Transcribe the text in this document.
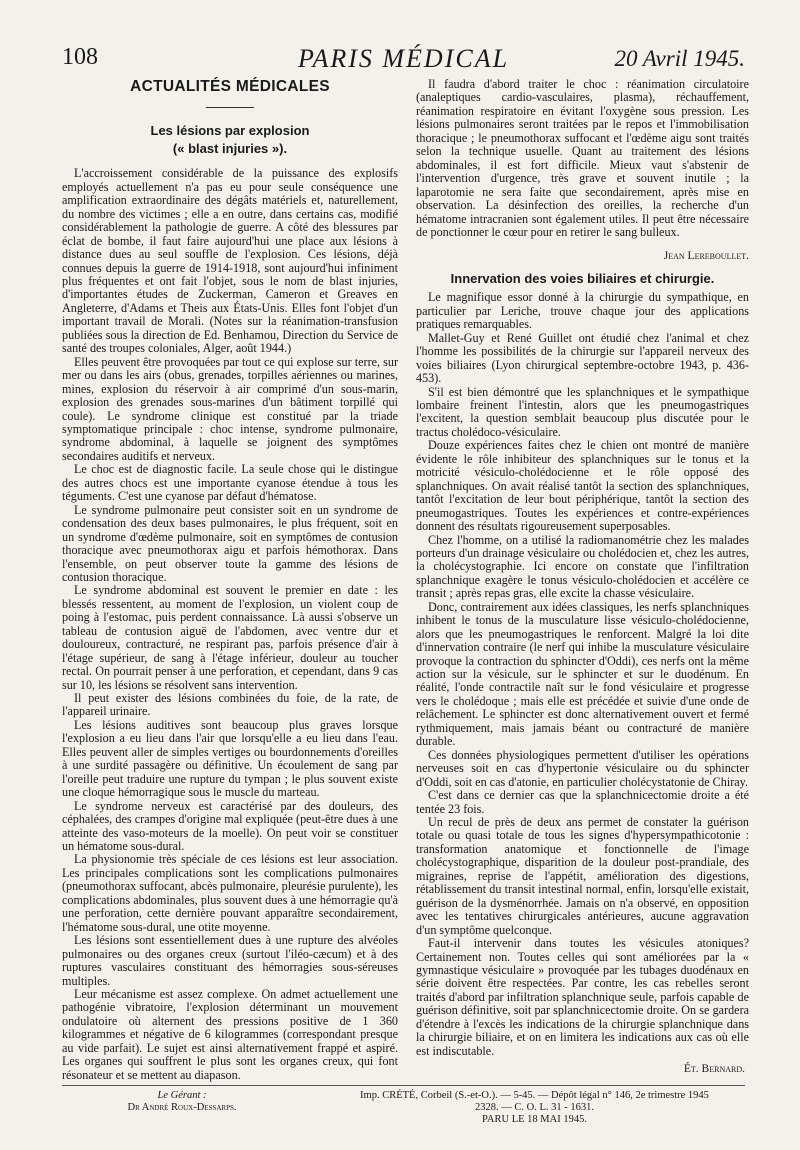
108	PARIS MÉDICAL	20 Avril 1945.
ACTUALITÉS MÉDICALES
Les lésions par explosion
(« blast injuries »).

L'accroissement considérable de la puissance des explosifs employés actuellement n'a pas eu pour seule conséquence une amplification extraordinaire des dégâts matériels et, naturellement, du nombre des victimes ; elle a en outre, dans certains cas, modifié considérablement la pathologie de guerre. A côté des blessures par éclat de bombe, il faut faire aujourd'hui une place aux lésions à distance dues au seul souffle de l'explosion. Ces lésions, déjà connues depuis la guerre de 1914-1918, sont aujourd'hui infiniment plus fréquentes et ont fait l'objet, sous le nom de blast injuries, d'importantes études de Zuckerman, Cameron et Greaves en Angleterre, d'Adams et Theis aux États-Unis. Elles font l'objet d'un important travail de Morali. (Notes sur la réanimation-transfusion publiées sous la direction de Ed. Benhamou, Direction du Service de santé des troupes coloniales, Alger, août 1944.)

Elles peuvent être provoquées par tout ce qui explose sur terre, sur mer ou dans les airs (obus, grenades, torpilles aériennes ou marines, mines, explosion du réservoir à air comprimé d'un sous-marin, explosion des grenades sous-marines d'un bâtiment torpillé qui coule). Le syndrome clinique est constitué par la triade symptomatique principale : choc intense, syndrome pulmonaire, syndrome abdominal, à laquelle se joignent des symptômes secondaires auditifs et nerveux.

Le choc est de diagnostic facile. La seule chose qui le distingue des autres chocs est une importante cyanose étendue à tous les téguments. C'est une cyanose par défaut d'hématose.

Le syndrome pulmonaire peut consister soit en un syndrome de condensation des deux bases pulmonaires, le plus fréquent, soit en un syndrome d'œdème pulmonaire, soit en symptômes de contusion thoracique avec pneumothorax aigu et parfois hémothorax. Dans l'ensemble, on peut observer toute la gamme des lésions de contusion thoracique.

Le syndrome abdominal est souvent le premier en date : les blessés ressentent, au moment de l'explosion, un violent coup de poing à l'estomac, puis perdent connaissance. Là aussi s'observe un tableau de contusion aiguë de l'abdomen, avec ventre dur et douloureux, contracturé, ne respirant pas, parfois présence d'air à l'étage supérieur, de sang à l'étage inférieur, douleur au toucher rectal. On pourrait penser à une perforation, et cependant, dans 9 cas sur 10, les lésions se résolvent sans intervention.

Il peut exister des lésions combinées du foie, de la rate, de l'appareil urinaire.

Les lésions auditives sont beaucoup plus graves lorsque l'explosion a eu lieu dans l'air que lorsqu'elle a eu lieu dans l'eau. Elles peuvent aller de simples vertiges ou bourdonnements d'oreilles à une surdité passagère ou définitive. Un écoulement de sang par l'oreille peut traduire une rupture du tympan ; le plus souvent existe une cloque hémorragique sous le muscle du marteau.

Le syndrome nerveux est caractérisé par des douleurs, des céphalées, des crampes d'origine mal expliquée (peut-être dues à une atteinte des vaso-moteurs de la moelle). On peut voir se constituer un hématome sous-dural.

La physionomie très spéciale de ces lésions est leur association. Les principales complications sont les complications pulmonaires (pneumothorax suffocant, abcès pulmonaire, pleurésie purulente), les complications abdominales, plus souvent dues à une hémorragie qu'à une perforation, cette dernière pouvant apparaître secondairement, l'hématome sous-dural, une otite moyenne.

Les lésions sont essentiellement dues à une rupture des alvéoles pulmonaires ou des organes creux (surtout l'iléo-cæcum) et à des ruptures vasculaires constituant des hémorragies sous-séreuses multiples.

Leur mécanisme est assez complexe. On admet actuellement une pathogénie vibratoire, l'explosion déterminant un mouvement ondulatoire où alternent des pressions positive de 1 360 kilogrammes et négative de 6 kilogrammes (correspondant presque au vide parfait). Le sujet est ainsi alternativement frappé et aspiré. Les organes qui souffrent le plus sont les organes creux, qui font résonateur et se mettent au diapason.

Il faudra d'abord traiter le choc : réanimation circulatoire (analeptiques cardio-vasculaires, plasma), réchauffement, réanimation respiratoire en évitant l'oxygène sous pression. Les lésions pulmonaires seront traitées par le repos et l'immobilisation thoracique ; le pneumothorax suffocant et l'œdème aigu sont traités selon la technique usuelle. Quant au traitement des lésions abdominales, il est fort difficile. Mieux vaut s'abstenir de l'intervention d'urgence, très grave et souvent inutile ; la laparotomie ne sera faite que secondairement, après mise en observation. La désinfection des oreilles, la recherche d'un hématome intracranien sont également utiles. Il peut être nécessaire de ponctionner le cœur pour en retirer le sang bulleux.

Jean Lereboullet.
Innervation des voies biliaires et chirurgie.

Le magnifique essor donné à la chirurgie du sympathique, en particulier par Leriche, trouve chaque jour des applications pratiques remarquables.

Mallet-Guy et René Guillet ont étudié chez l'animal et chez l'homme les possibilités de la chirurgie sur l'appareil nerveux des voies biliaires (Lyon chirurgical septembre-octobre 1943, p. 436-453).

S'il est bien démontré que les splanchniques et le sympathique lombaire freinent l'intestin, alors que les pneumogastriques l'excitent, la question semblait beaucoup plus discutée pour le tractus cholédoco-vésiculaire.

Douze expériences faites chez le chien ont montré de manière évidente le rôle inhibiteur des splanchniques sur le tonus et la motricité vésiculo-cholédocienne et le rôle opposé des splanchniques. On avait réalisé tantôt la section des splanchniques, tantôt l'excitation de leur bout périphérique, tantôt la section des pneumogastriques. Toutes les expériences et contre-expériences donnent des résultats rigoureusement superposables.

Chez l'homme, on a utilisé la radiomanométrie chez les malades porteurs d'un drainage vésiculaire ou cholédocien et, chez les autres, la cholécystographie. Ici encore on constate que l'infiltration splanchnique exagère le tonus vésiculo-cholédocien et accélère ce transit ; après repas gras, elle excite la chasse vésiculaire.

Donc, contrairement aux idées classiques, les nerfs splanchniques inhibent le tonus de la musculature lisse vésiculo-cholédocienne, alors que les pneumogastriques le renforcent. Malgré la loi dite d'innervation contraire (le nerf qui inhibe la musculature vésiculaire provoque la contraction du sphincter d'Oddi), ces nerfs ont la même action sur la vésicule, sur le sphincter et sur le duodénum. En réalité, l'onde contractile naît sur le fond vésiculaire et progresse vers le cholédoque ; mais elle est précédée et suivie d'une onde de relâchement. Le sphincter est donc alternativement ouvert et fermé rythmiquement, mais jamais béant ou contracturé de manière durable.

Ces données physiologiques permettent d'utiliser les opérations nerveuses soit en cas d'hypertonie vésiculaire ou du sphincter d'Oddi, soit en cas d'atonie, en particulier cholécystatonie de Chiray.

C'est dans ce dernier cas que la splanchnicectomie droite a été tentée 23 fois.

Un recul de près de deux ans permet de constater la guérison totale ou quasi totale de tous les signes d'hypersympathicotonie : transformation anatomique et fonctionnelle de l'image cholécystographique, disparition de la douleur post-prandiale, des migraines, reprise de l'appétit, amélioration des digestions, rétablissement du transit intestinal normal, enfin, lorsqu'elle existait, guérison de la dysménorrhée. Jamais on n'a observé, en opposition avec les tentatives chirurgicales antérieures, aucune aggravation d'un symptôme quelconque.

Faut-il intervenir dans toutes les vésicules atoniques? Certainement non. Toutes celles qui sont améliorées par la « gymnastique vésiculaire » provoquée par les tubages duodénaux en série doivent être respectées. Par contre, les cas rebelles seront traités d'abord par infiltration splanchnique seule, parfois capable de guérison définitive, soit par splanchnicectomie droite. On se gardera d'étendre à l'excès les indications de la chirurgie splanchnique dans la chirurgie biliaire, et on en limitera les indications aux cas où elle est indiscutable.

Ét. Bernard.
Le Gérant :
Dr André Roux-Dessarps.
Imp. CRÉTÉ, Corbeil (S.-et-O.). — 5-45. — Dépôt légal n° 146, 2e trimestre 1945
2328. — C. O. L. 31 - 1631.
PARU LE 18 MAI 1945.
